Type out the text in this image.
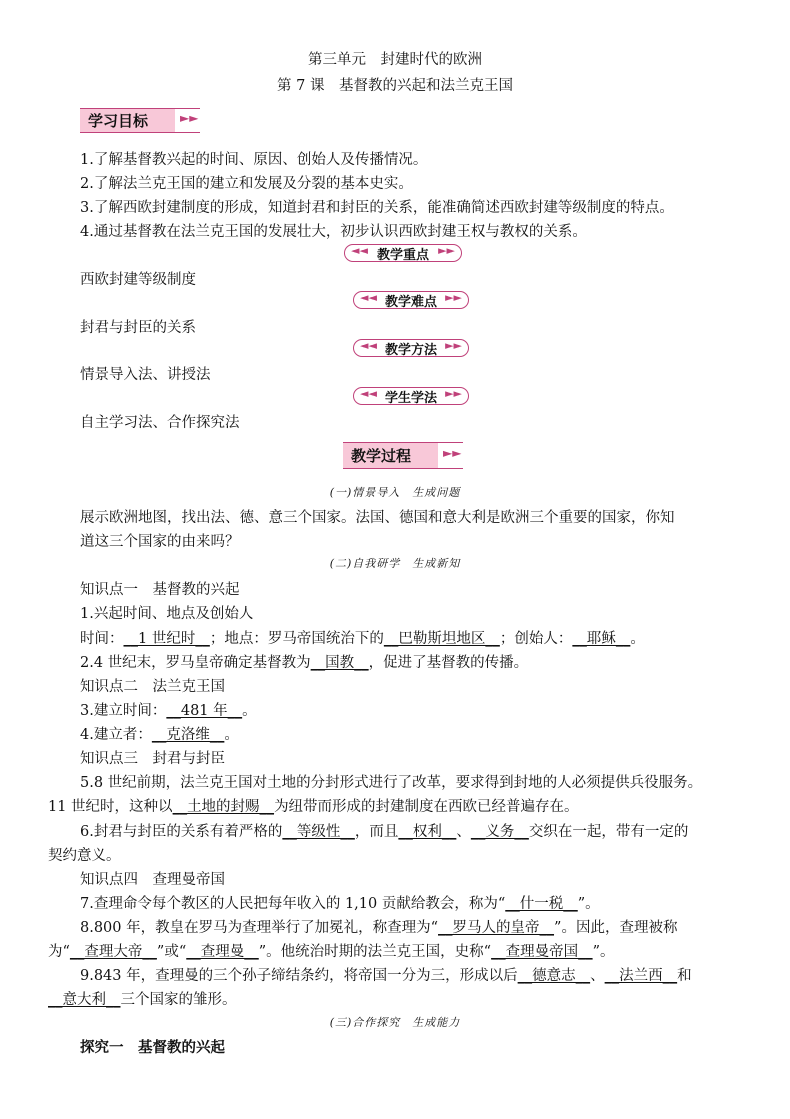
第三单元　封建时代的欧洲
第 7 课　基督教的兴起和法兰克王国
学习目标	►►
1.了解基督教兴起的时间、原因、创始人及传播情况。
2.了解法兰克王国的建立和发展及分裂的基本史实。
3.了解西欧封建制度的形成，知道封君和封臣的关系，能准确简述西欧封建等级制度的特点。
4.通过基督教在法兰克王国的发展壮大，初步认识西欧封建王权与教权的关系。
◄◄ 教学重点 ►►
西欧封建等级制度
◄◄ 教学难点 ►►
封君与封臣的关系
◄◄ 教学方法 ►►
情景导入法、讲授法
◄◄ 学生学法 ►►
自主学习法、合作探究法
教学过程	►►
(一)情景导入　生成问题
展示欧洲地图，找出法、德、意三个国家。法国、德国和意大利是欧洲三个重要的国家，你知
道这三个国家的由来吗？
(二)自我研学　生成新知
知识点一　基督教的兴起
1.兴起时间、地点及创始人
时间：__1 世纪时__；地点：罗马帝国统治下的__巴勒斯坦地区__；创始人：__耶稣__。
2.4 世纪末，罗马皇帝确定基督教为__国教__，促进了基督教的传播。
知识点二　法兰克王国
3.建立时间：__481 年__。
4.建立者：__克洛维__。
知识点三　封君与封臣
5.8 世纪前期，法兰克王国对土地的分封形式进行了改革，要求得到封地的人必须提供兵役服务。
11 世纪时，这种以__土地的封赐__为纽带而形成的封建制度在西欧已经普遍存在。
6.封君与封臣的关系有着严格的__等级性__，而且__权利__、__义务__交织在一起，带有一定的
契约意义。
知识点四　查理曼帝国
7.查理命令每个教区的人民把每年收入的 1,10 贡献给教会，称为“__什一税__”。
8.800 年，教皇在罗马为查理举行了加冕礼，称查理为“__罗马人的皇帝__”。因此，查理被称
为“__查理大帝__”或“__查理曼__”。他统治时期的法兰克王国，史称“__查理曼帝国__”。
9.843 年，查理曼的三个孙子缔结条约，将帝国一分为三，形成以后__德意志__、__法兰西__和
__意大利__三个国家的雏形。
(三)合作探究　生成能力
探究一　基督教的兴起
